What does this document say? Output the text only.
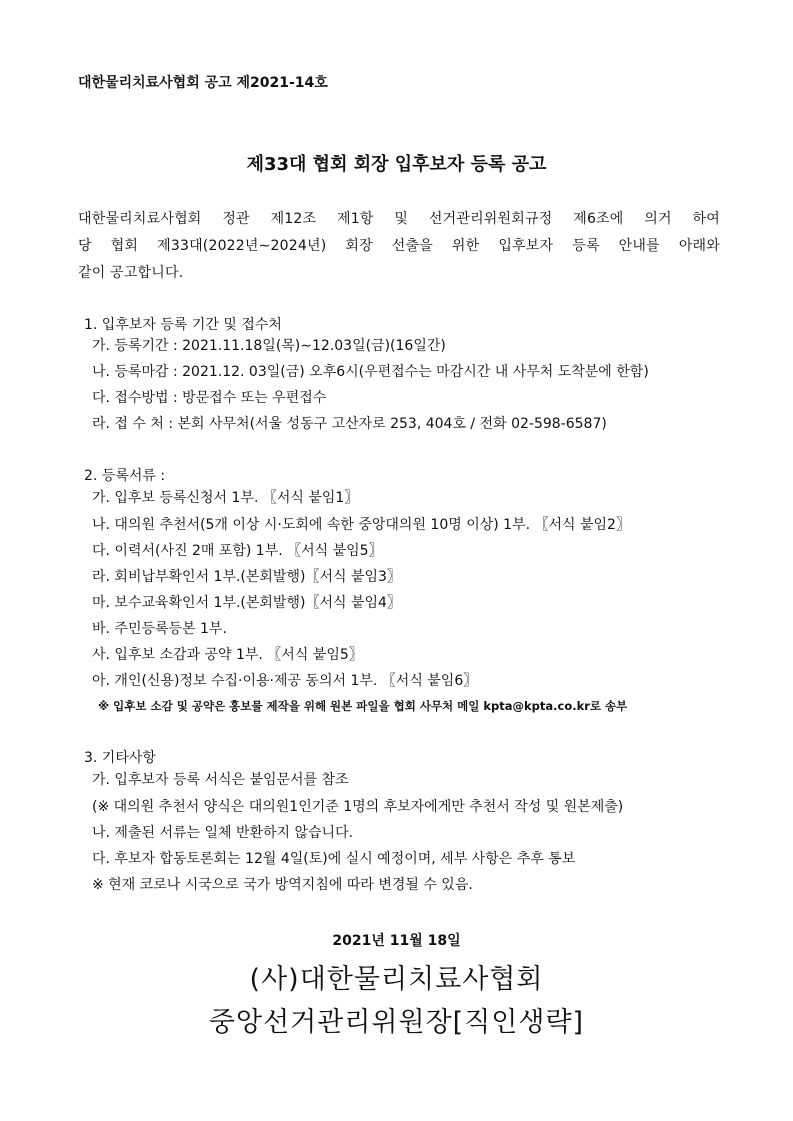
대한물리치료사협회 공고 제2021-14호
제33대 협회 회장 입후보자 등록 공고

대한물리치료사협회 정관 제12조 제1항 및 선거관리위원회규정 제6조에 의거 하여

당 협회 제33대(2022년∼2024년) 회장 선출을 위한 입후보자 등록 안내를 아래와

같이 공고합니다.

1. 입후보자 등록 기간 및 접수처
가. 등록기간 : 2021.11.18일(목)∼12.03일(금)(16일간)
나. 등록마감 : 2021.12. 03일(금) 오후6시(우편접수는 마감시간 내 사무처 도착분에 한함)
다. 접수방법 : 방문접수 또는 우편접수
라. 접 수 처 : 본회 사무처(서울 성동구 고산자로 253, 404호 / 전화 02-598-6587)
2. 등록서류 :
가. 입후보 등록신청서 1부. 〖서식 붙임1〗
나. 대의원 추천서(5개 이상 시·도회에 속한 중앙대의원 10명 이상) 1부. 〖서식 붙임2〗
다. 이력서(사진 2매 포함) 1부. 〖서식 붙임5〗
라. 회비납부확인서 1부.(본회발행)〖서식 붙임3〗
마. 보수교육확인서 1부.(본회발행)〖서식 붙임4〗
바. 주민등록등본 1부.
사. 입후보 소감과 공약 1부. 〖서식 붙임5〗
아. 개인(신용)정보 수집·이용·제공 동의서 1부. 〖서식 붙임6〗
※ 입후보 소감 및 공약은 홍보물 제작을 위해 원본 파일을 협회 사무처 메일 kpta@kpta.co.kr로 송부
3. 기타사항
가. 입후보자 등록 서식은 붙임문서를 참조
(※ 대의원 추천서 양식은 대의원1인기준 1명의 후보자에게만 추천서 작성 및 원본제출)
나. 제출된 서류는 일체 반환하지 않습니다.
다. 후보자 합동토론회는 12월 4일(토)에 실시 예정이며, 세부 사항은 추후 통보
※ 현재 코로나 시국으로 국가 방역지침에 따라 변경될 수 있음.
2021년 11월 18일
(사)대한물리치료사협회
중앙선거관리위원장[직인생략]
